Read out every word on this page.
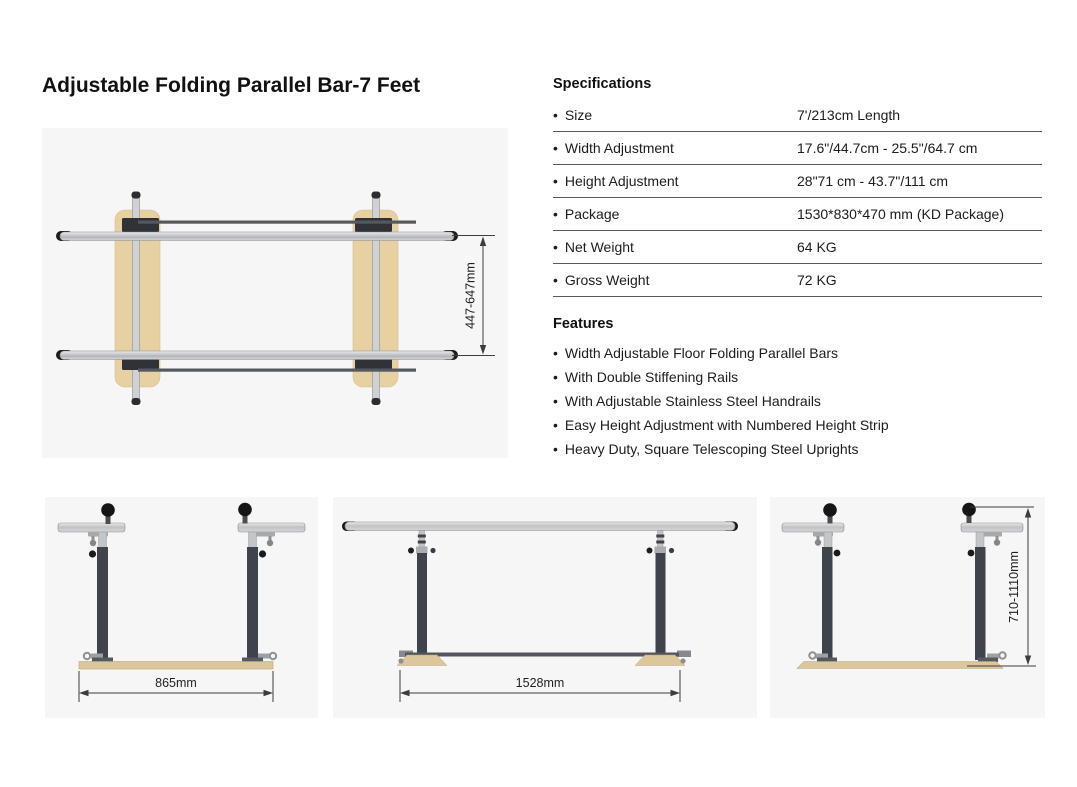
Adjustable Folding Parallel Bar-7 Feet
447-647mm
Specifications
• Size	7'/213cm Length
• Width Adjustment	17.6"/44.7cm - 25.5"/64.7 cm
• Height Adjustment	28"71 cm - 43.7"/111 cm
• Package	1530*830*470 mm (KD Package)
• Net Weight	64 KG
• Gross Weight	72 KG
Features
• Width Adjustable Floor Folding Parallel Bars
• With Double Stiffening Rails
• With Adjustable Stainless Steel Handrails
• Easy Height Adjustment with Numbered Height Strip
• Heavy Duty, Square Telescoping Steel Uprights
865mm	1528mm
710-1110mm
